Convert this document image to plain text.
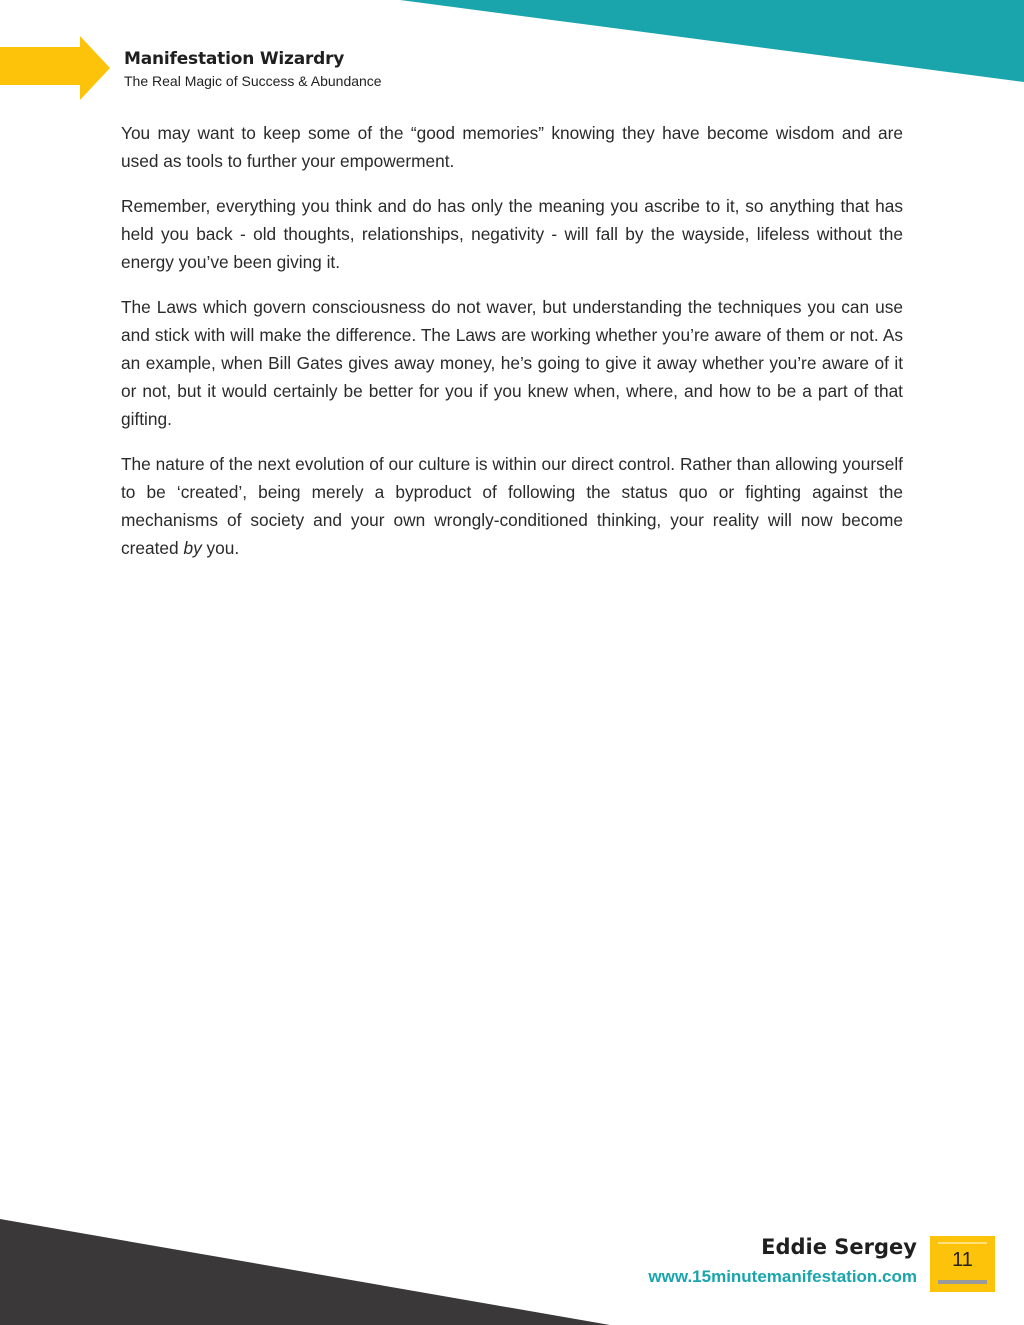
Manifestation Wizardry
The Real Magic of Success & Abundance

You may want to keep some of the “good memories” knowing they have become wisdom and are used as tools to further your empowerment.

Remember, everything you think and do has only the meaning you ascribe to it, so anything that has held you back - old thoughts, relationships, negativity - will fall by the wayside, lifeless without the energy you’ve been giving it.

The Laws which govern consciousness do not waver, but understanding the techniques you can use and stick with will make the difference. The Laws are working whether you’re aware of them or not. As an example, when Bill Gates gives away money, he’s going to give it away whether you’re aware of it or not, but it would certainly be better for you if you knew when, where, and how to be a part of that gifting.

The nature of the next evolution of our culture is within our direct control. Rather than allowing yourself to be ‘created’, being merely a byproduct of following the status quo or fighting against the mechanisms of society and your own wrongly-conditioned thinking, your reality will now become created by you.

Eddie Sergey
www.15minutemanifestation.com
11
